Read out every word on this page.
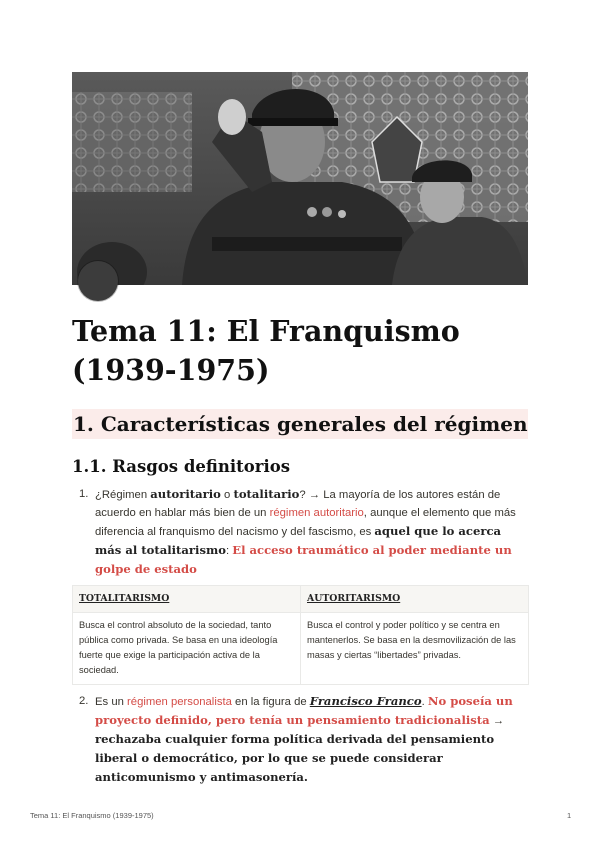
Tema 11: El Franquismo (1939-1975)
1. Características generales del régimen
1.1. Rasgos definitorios
1. ¿Régimen autoritario o totalitario? → La mayoría de los autores están de acuerdo en hablar más bien de un régimen autoritario, aunque el elemento que más diferencia al franquismo del nacismo y del fascismo, es aquel que lo acerca más al totalitarismo: El acceso traumático al poder mediante un golpe de estado
TOTALITARISMO	AUTORITARISMO
Busca el control absoluto de la sociedad, tanto pública como privada. Se basa en una ideología fuerte que exige la participación activa de la sociedad.	Busca el control y poder político y se centra en mantenerlos. Se basa en la desmovilización de las masas y ciertas “libertades” privadas.
2. Es un régimen personalista en la figura de Francisco Franco. No poseía un proyecto definido, pero tenía un pensamiento tradicionalista → rechazaba cualquier forma política derivada del pensamiento liberal o democrático, por lo que se puede considerar anticomunismo y antimasonería.
Tema 11: El Franquismo (1939-1975)	1
